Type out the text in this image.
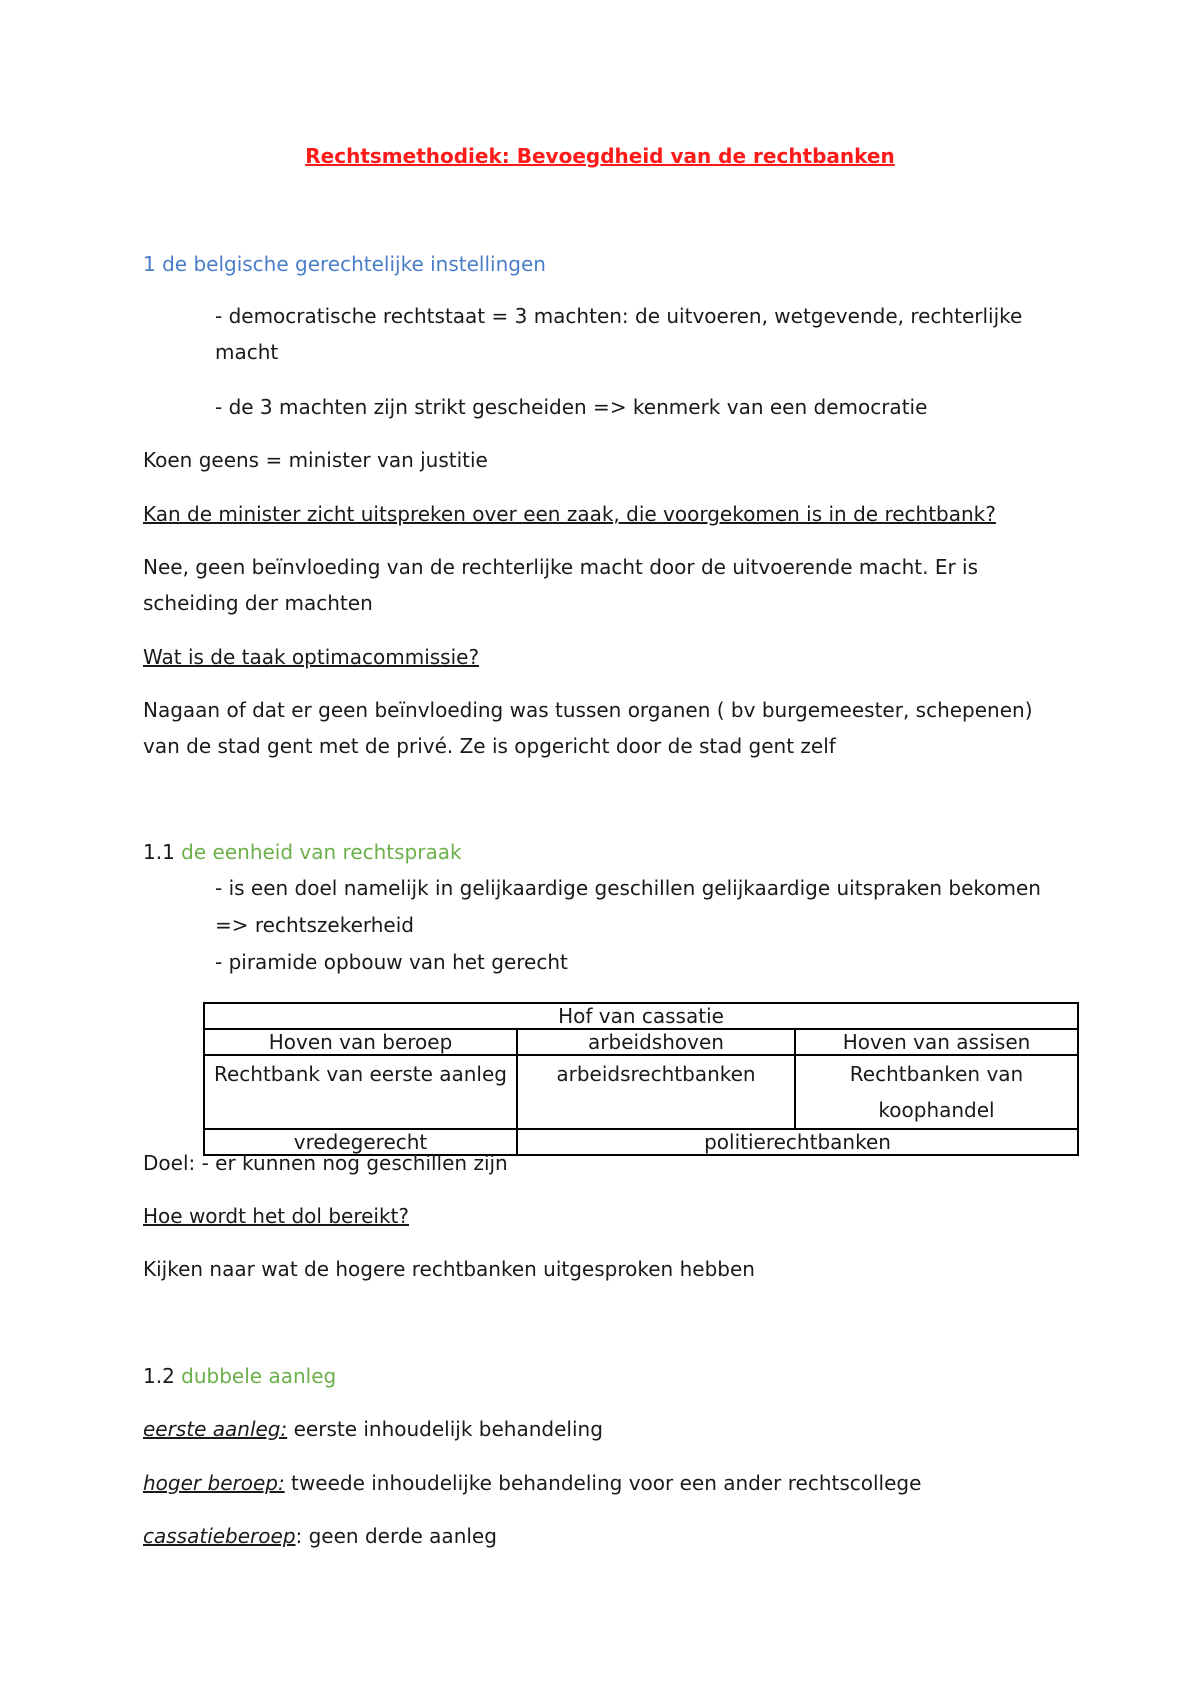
Rechtsmethodiek: Bevoegdheid van de rechtbanken

1 de belgische gerechtelijke instellingen

- democratische rechtstaat = 3 machten: de uitvoeren, wetgevende, rechterlijke macht

- de 3 machten zijn strikt gescheiden => kenmerk van een democratie

Koen geens = minister van justitie

Kan de minister zicht uitspreken over een zaak, die voorgekomen is in de rechtbank?

Nee, geen beïnvloeding van de rechterlijke macht door de uitvoerende macht. Er is scheiding der machten

Wat is de taak optimacommissie?

Nagaan of dat er geen beïnvloeding was tussen organen ( bv burgemeester, schepenen) van de stad gent met de privé. Ze is opgericht door de stad gent zelf

1.1 de eenheid van rechtspraak

- is een doel namelijk in gelijkaardige geschillen gelijkaardige uitspraken bekomen

=> rechtszekerheid

- piramide opbouw van het gerecht

Hof van cassatie		
Hoven van beroep	arbeidshoven	Hoven van assisen
Rechtbank van eerste aanleg	arbeidsrechtbanken	Rechtbanken van koophandel
vredegerecht	politierechtbanken	

Doel: - er kunnen nog geschillen zijn

Hoe wordt het dol bereikt?

Kijken naar wat de hogere rechtbanken uitgesproken hebben

1.2 dubbele aanleg

eerste aanleg: eerste inhoudelijk behandeling

hoger beroep: tweede inhoudelijke behandeling voor een ander rechtscollege

cassatieberoep: geen derde aanleg
